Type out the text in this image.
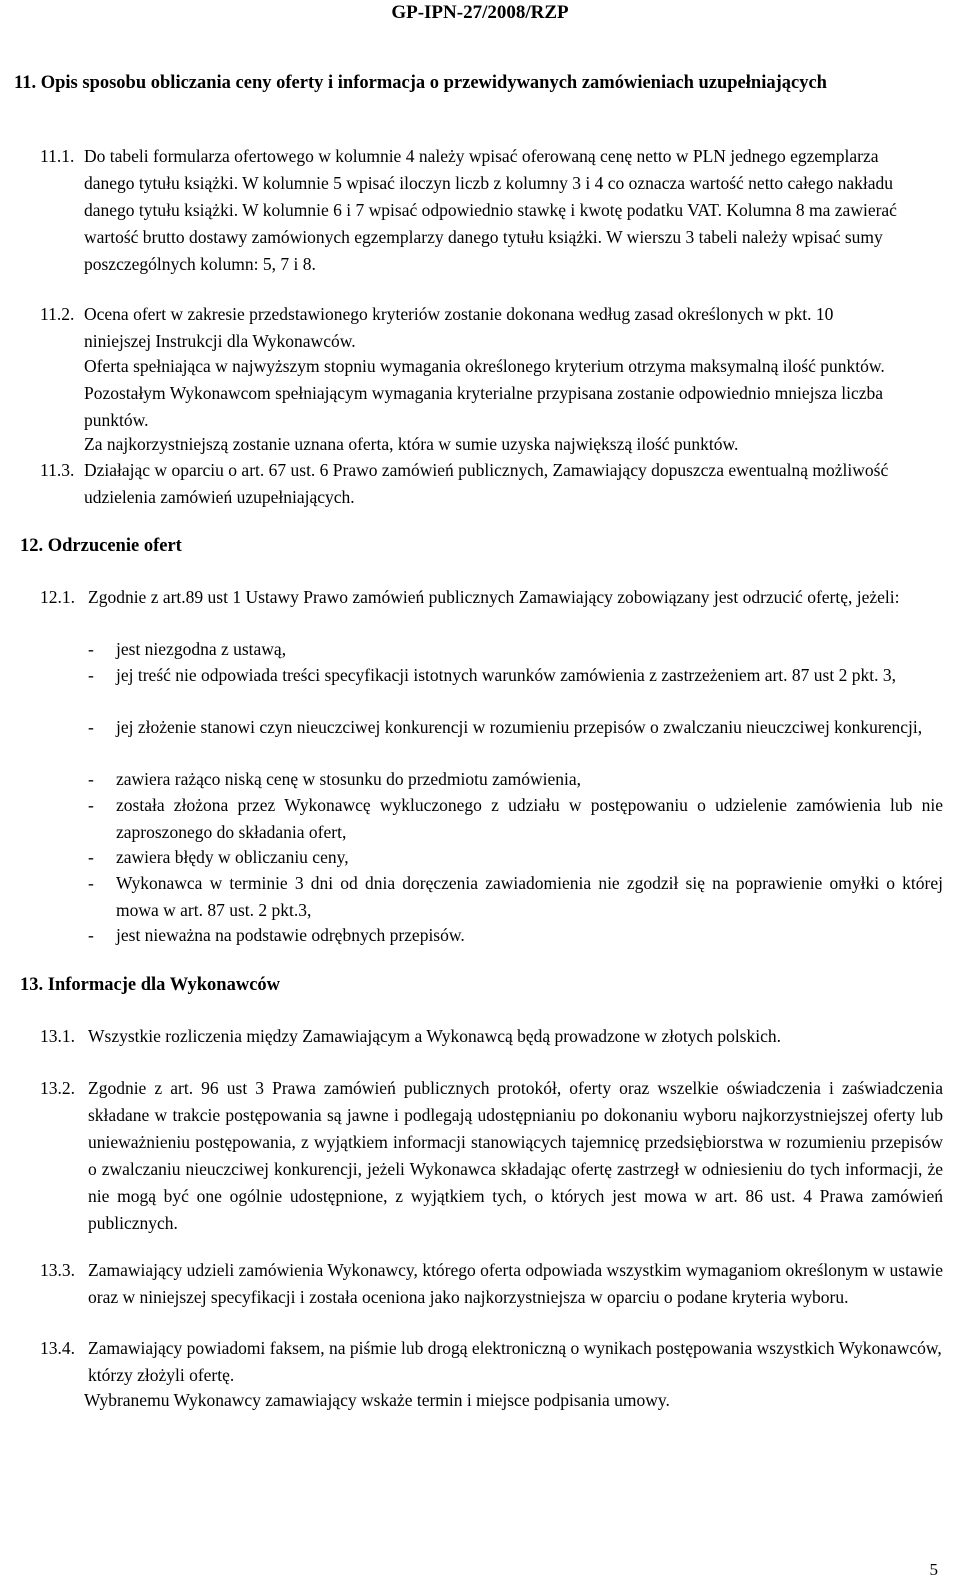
GP-IPN-27/2008/RZP
11. Opis sposobu obliczania ceny oferty i informacja o przewidywanych zamówieniach uzupełniających
11.1. Do tabeli formularza ofertowego w kolumnie 4 należy wpisać oferowaną cenę netto w PLN jednego egzemplarza danego tytułu książki. W kolumnie 5 wpisać iloczyn liczb z kolumny 3 i 4 co oznacza wartość netto całego nakładu danego tytułu książki. W kolumnie 6 i 7 wpisać odpowiednio stawkę i kwotę podatku VAT. Kolumna 8 ma zawierać wartość brutto dostawy zamówionych egzemplarzy danego tytułu książki. W wierszu 3 tabeli należy wpisać sumy poszczególnych kolumn: 5, 7 i 8.
11.2. Ocena ofert w zakresie przedstawionego kryteriów zostanie dokonana według zasad określonych w pkt. 10 niniejszej Instrukcji dla Wykonawców.
Oferta spełniająca w najwyższym stopniu wymagania określonego kryterium otrzyma maksymalną ilość punktów. Pozostałym Wykonawcom spełniającym wymagania kryterialne przypisana zostanie odpowiednio mniejsza liczba punktów.
Za najkorzystniejszą zostanie uznana oferta, która w sumie uzyska największą ilość punktów.
11.3. Działając w oparciu o art. 67 ust. 6 Prawo zamówień publicznych, Zamawiający dopuszcza ewentualną możliwość udzielenia zamówień uzupełniających.
12. Odrzucenie ofert
12.1. Zgodnie z art.89 ust 1 Ustawy Prawo zamówień publicznych Zamawiający zobowiązany jest odrzucić ofertę, jeżeli:
- jest niezgodna z ustawą,
- jej treść nie odpowiada treści specyfikacji istotnych warunków zamówienia z zastrzeżeniem art. 87 ust 2 pkt. 3,
- jej złożenie stanowi czyn nieuczciwej konkurencji w rozumieniu przepisów o zwalczaniu nieuczciwej konkurencji,
- zawiera rażąco niską cenę w stosunku do przedmiotu zamówienia,
- została złożona przez Wykonawcę wykluczonego z udziału w postępowaniu o udzielenie zamówienia lub nie zaproszonego do składania ofert,
- zawiera błędy w obliczaniu ceny,
- Wykonawca w terminie 3 dni od dnia doręczenia zawiadomienia nie zgodził się na poprawienie omyłki o której mowa w art. 87 ust. 2 pkt.3,
- jest nieważna na podstawie odrębnych przepisów.
13. Informacje dla Wykonawców
13.1. Wszystkie rozliczenia między Zamawiającym a Wykonawcą będą prowadzone w złotych polskich.
13.2. Zgodnie z art. 96 ust 3 Prawa zamówień publicznych protokół, oferty oraz wszelkie oświadczenia i zaświadczenia składane w trakcie postępowania są jawne i podlegają udostępnianiu po dokonaniu wyboru najkorzystniejszej oferty lub unieważnieniu postępowania, z wyjątkiem informacji stanowiących tajemnicę przedsiębiorstwa w rozumieniu przepisów o zwalczaniu nieuczciwej konkurencji, jeżeli Wykonawca składając ofertę zastrzegł w odniesieniu do tych informacji, że nie mogą być one ogólnie udostępnione, z wyjątkiem tych, o których jest mowa w art. 86 ust. 4 Prawa zamówień publicznych.
13.3. Zamawiający udzieli zamówienia Wykonawcy, którego oferta odpowiada wszystkim wymaganiom określonym w ustawie oraz w niniejszej specyfikacji i została oceniona jako najkorzystniejsza w oparciu o podane kryteria wyboru.
13.4. Zamawiający powiadomi faksem, na piśmie lub drogą elektroniczną o wynikach postępowania wszystkich Wykonawców, którzy złożyli ofertę.
Wybranemu Wykonawcy zamawiający wskaże termin i miejsce podpisania umowy.
5
